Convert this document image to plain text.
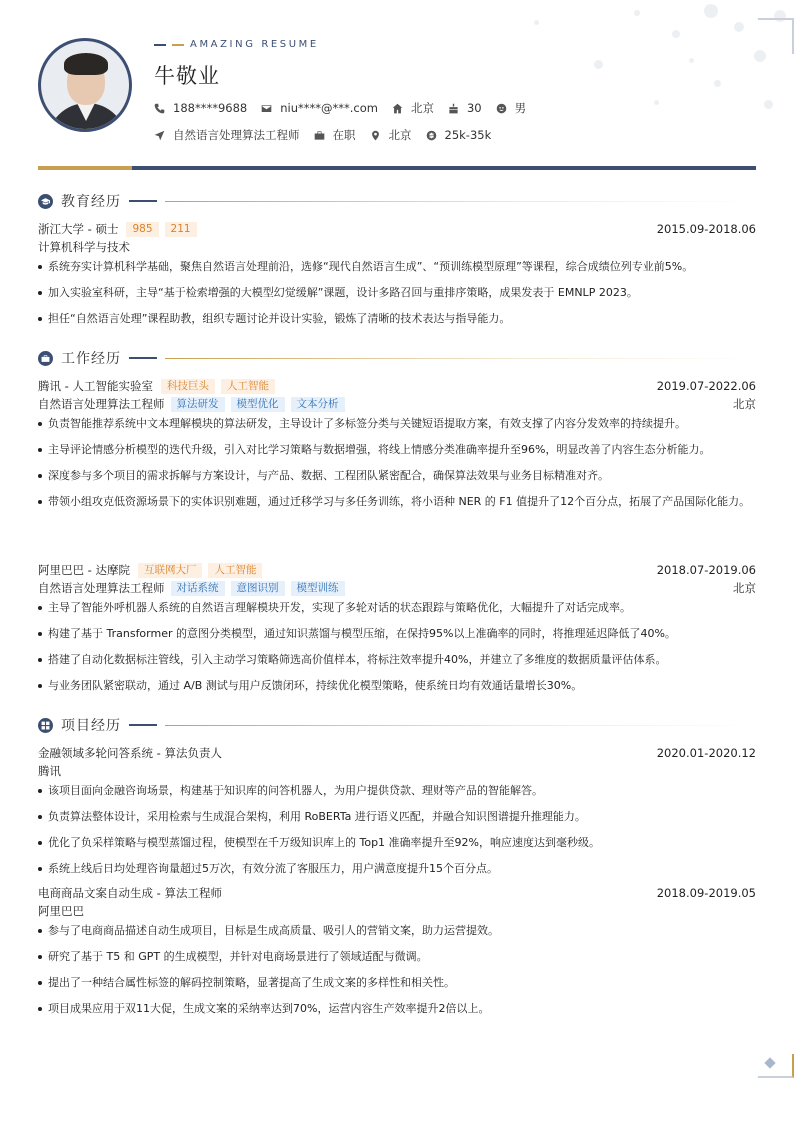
AMAZING RESUME
牛敬业
188****9688	niu****@***.com	北京	30	男
自然语言处理算法工程师	在职	北京	25k-35k
教育经历
浙江大学 - 硕士	985	211	2015.09-2018.06
计算机科学与技术
系统夯实计算机科学基础，聚焦自然语言处理前沿，选修“现代自然语言生成”、“预训练模型原理”等课程，综合成绩位列专业前5%。
加入实验室科研，主导“基于检索增强的大模型幻觉缓解”课题，设计多路召回与重排序策略，成果发表于 EMNLP 2023。
担任“自然语言处理”课程助教，组织专题讨论并设计实验，锻炼了清晰的技术表达与指导能力。
工作经历
腾讯 - 人工智能实验室	科技巨头	人工智能	2019.07-2022.06
自然语言处理算法工程师	算法研发	模型优化	文本分析	北京
负责智能推荐系统中文本理解模块的算法研发，主导设计了多标签分类与关键短语提取方案，有效支撑了内容分发效率的持续提升。
主导评论情感分析模型的迭代升级，引入对比学习策略与数据增强，将线上情感分类准确率提升至96%，明显改善了内容生态分析能力。
深度参与多个项目的需求拆解与方案设计，与产品、数据、工程团队紧密配合，确保算法效果与业务目标精准对齐。
带领小组攻克低资源场景下的实体识别难题，通过迁移学习与多任务训练，将小语种 NER 的 F1 值提升了12个百分点，拓展了产品国际化能力。
阿里巴巴 - 达摩院	互联网大厂	人工智能	2018.07-2019.06
自然语言处理算法工程师	对话系统	意图识别	模型训练	北京
主导了智能外呼机器人系统的自然语言理解模块开发，实现了多轮对话的状态跟踪与策略优化，大幅提升了对话完成率。
构建了基于 Transformer 的意图分类模型，通过知识蒸馏与模型压缩，在保持95%以上准确率的同时，将推理延迟降低了40%。
搭建了自动化数据标注管线，引入主动学习策略筛选高价值样本，将标注效率提升40%，并建立了多维度的数据质量评估体系。
与业务团队紧密联动，通过 A/B 测试与用户反馈闭环，持续优化模型策略，使系统日均有效通话量增长30%。
项目经历
金融领域多轮问答系统 - 算法负责人	2020.01-2020.12
腾讯
该项目面向金融咨询场景，构建基于知识库的问答机器人，为用户提供贷款、理财等产品的智能解答。
负责算法整体设计，采用检索与生成混合架构，利用 RoBERTa 进行语义匹配，并融合知识图谱提升推理能力。
优化了负采样策略与模型蒸馏过程，使模型在千万级知识库上的 Top1 准确率提升至92%，响应速度达到毫秒级。
系统上线后日均处理咨询量超过5万次，有效分流了客服压力，用户满意度提升15个百分点。
电商商品文案自动生成 - 算法工程师	2018.09-2019.05
阿里巴巴
参与了电商商品描述自动生成项目，目标是生成高质量、吸引人的营销文案，助力运营提效。
研究了基于 T5 和 GPT 的生成模型，并针对电商场景进行了领域适配与微调。
提出了一种结合属性标签的解码控制策略，显著提高了生成文案的多样性和相关性。
项目成果应用于双11大促，生成文案的采纳率达到70%，运营内容生产效率提升2倍以上。
